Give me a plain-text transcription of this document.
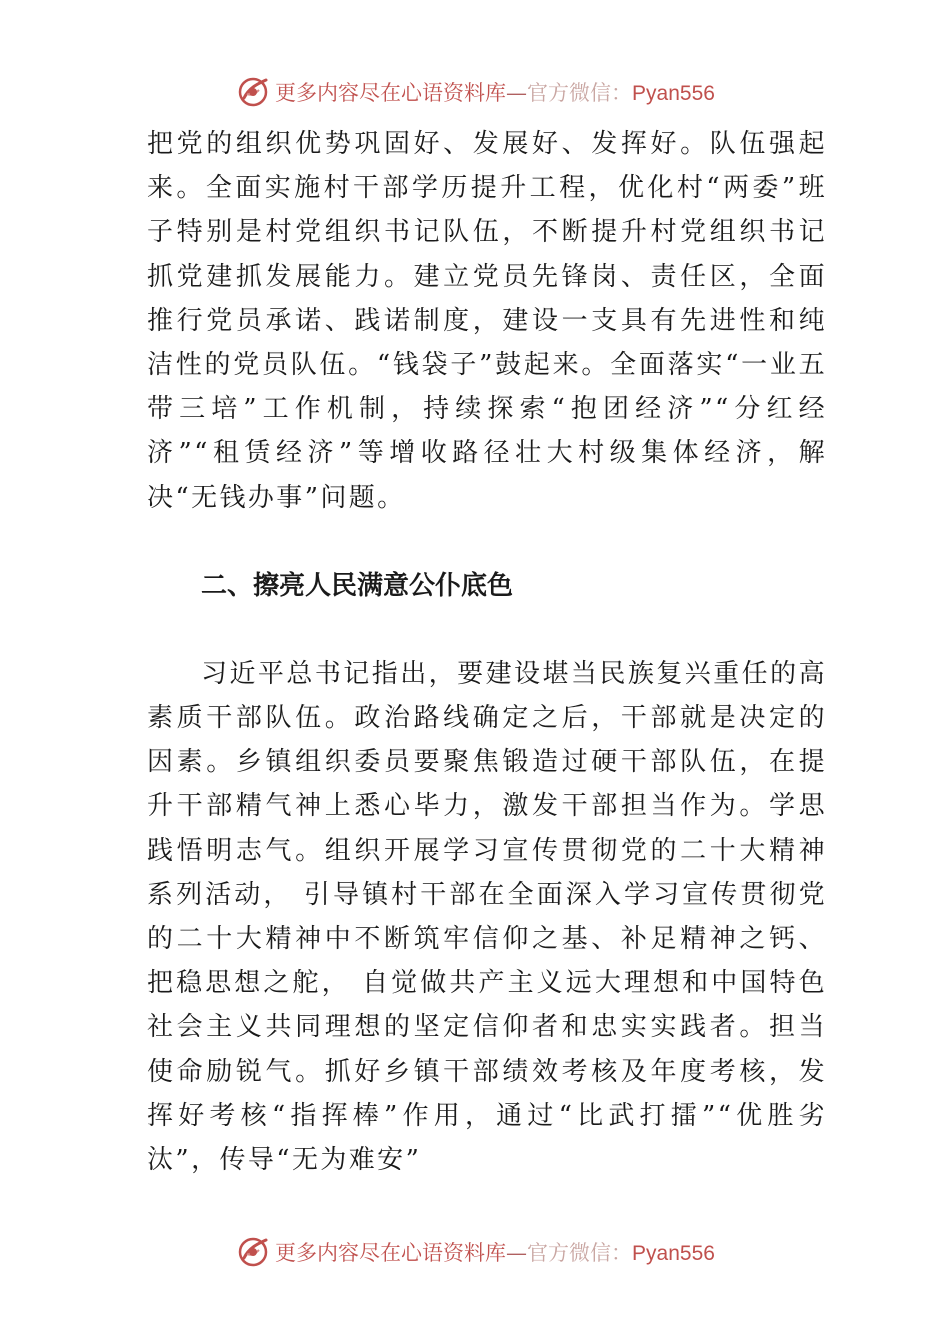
更多内容尽在心语资料库—官方微信：Pyan556

把党的组织优势巩固好、发展好、发挥好。队伍强起来。全面实施村干部学历提升工程，优化村“两委”班子特别是村党组织书记队伍，不断提升村党组织书记抓党建抓发展能力。建立党员先锋岗、责任区，全面推行党员承诺、践诺制度，建设一支具有先进性和纯洁性的党员队伍。“钱袋子”鼓起来。全面落实“一业五带三培”工作机制，持续探索“抱团经济”“分红经济”“租赁经济”等增收路径壮大村级集体经济，解决“无钱办事”问题。

二、擦亮人民满意公仆底色

习近平总书记指出，要建设堪当民族复兴重任的高素质干部队伍。政治路线确定之后，干部就是决定的因素。乡镇组织委员要聚焦锻造过硬干部队伍，在提升干部精气神上悉心毕力，激发干部担当作为。学思践悟明志气。组织开展学习宣传贯彻党的二十大精神系列活动， 引导镇村干部在全面深入学习宣传贯彻党的二十大精神中不断筑牢信仰之基、补足精神之钙、把稳思想之舵， 自觉做共产主义远大理想和中国特色社会主义共同理想的坚定信仰者和忠实实践者。担当使命励锐气。抓好乡镇干部绩效考核及年度考核，发挥好考核“指挥棒”作用，通过“比武打擂”“优胜劣汰”，传导“无为难安”

更多内容尽在心语资料库—官方微信：Pyan556
